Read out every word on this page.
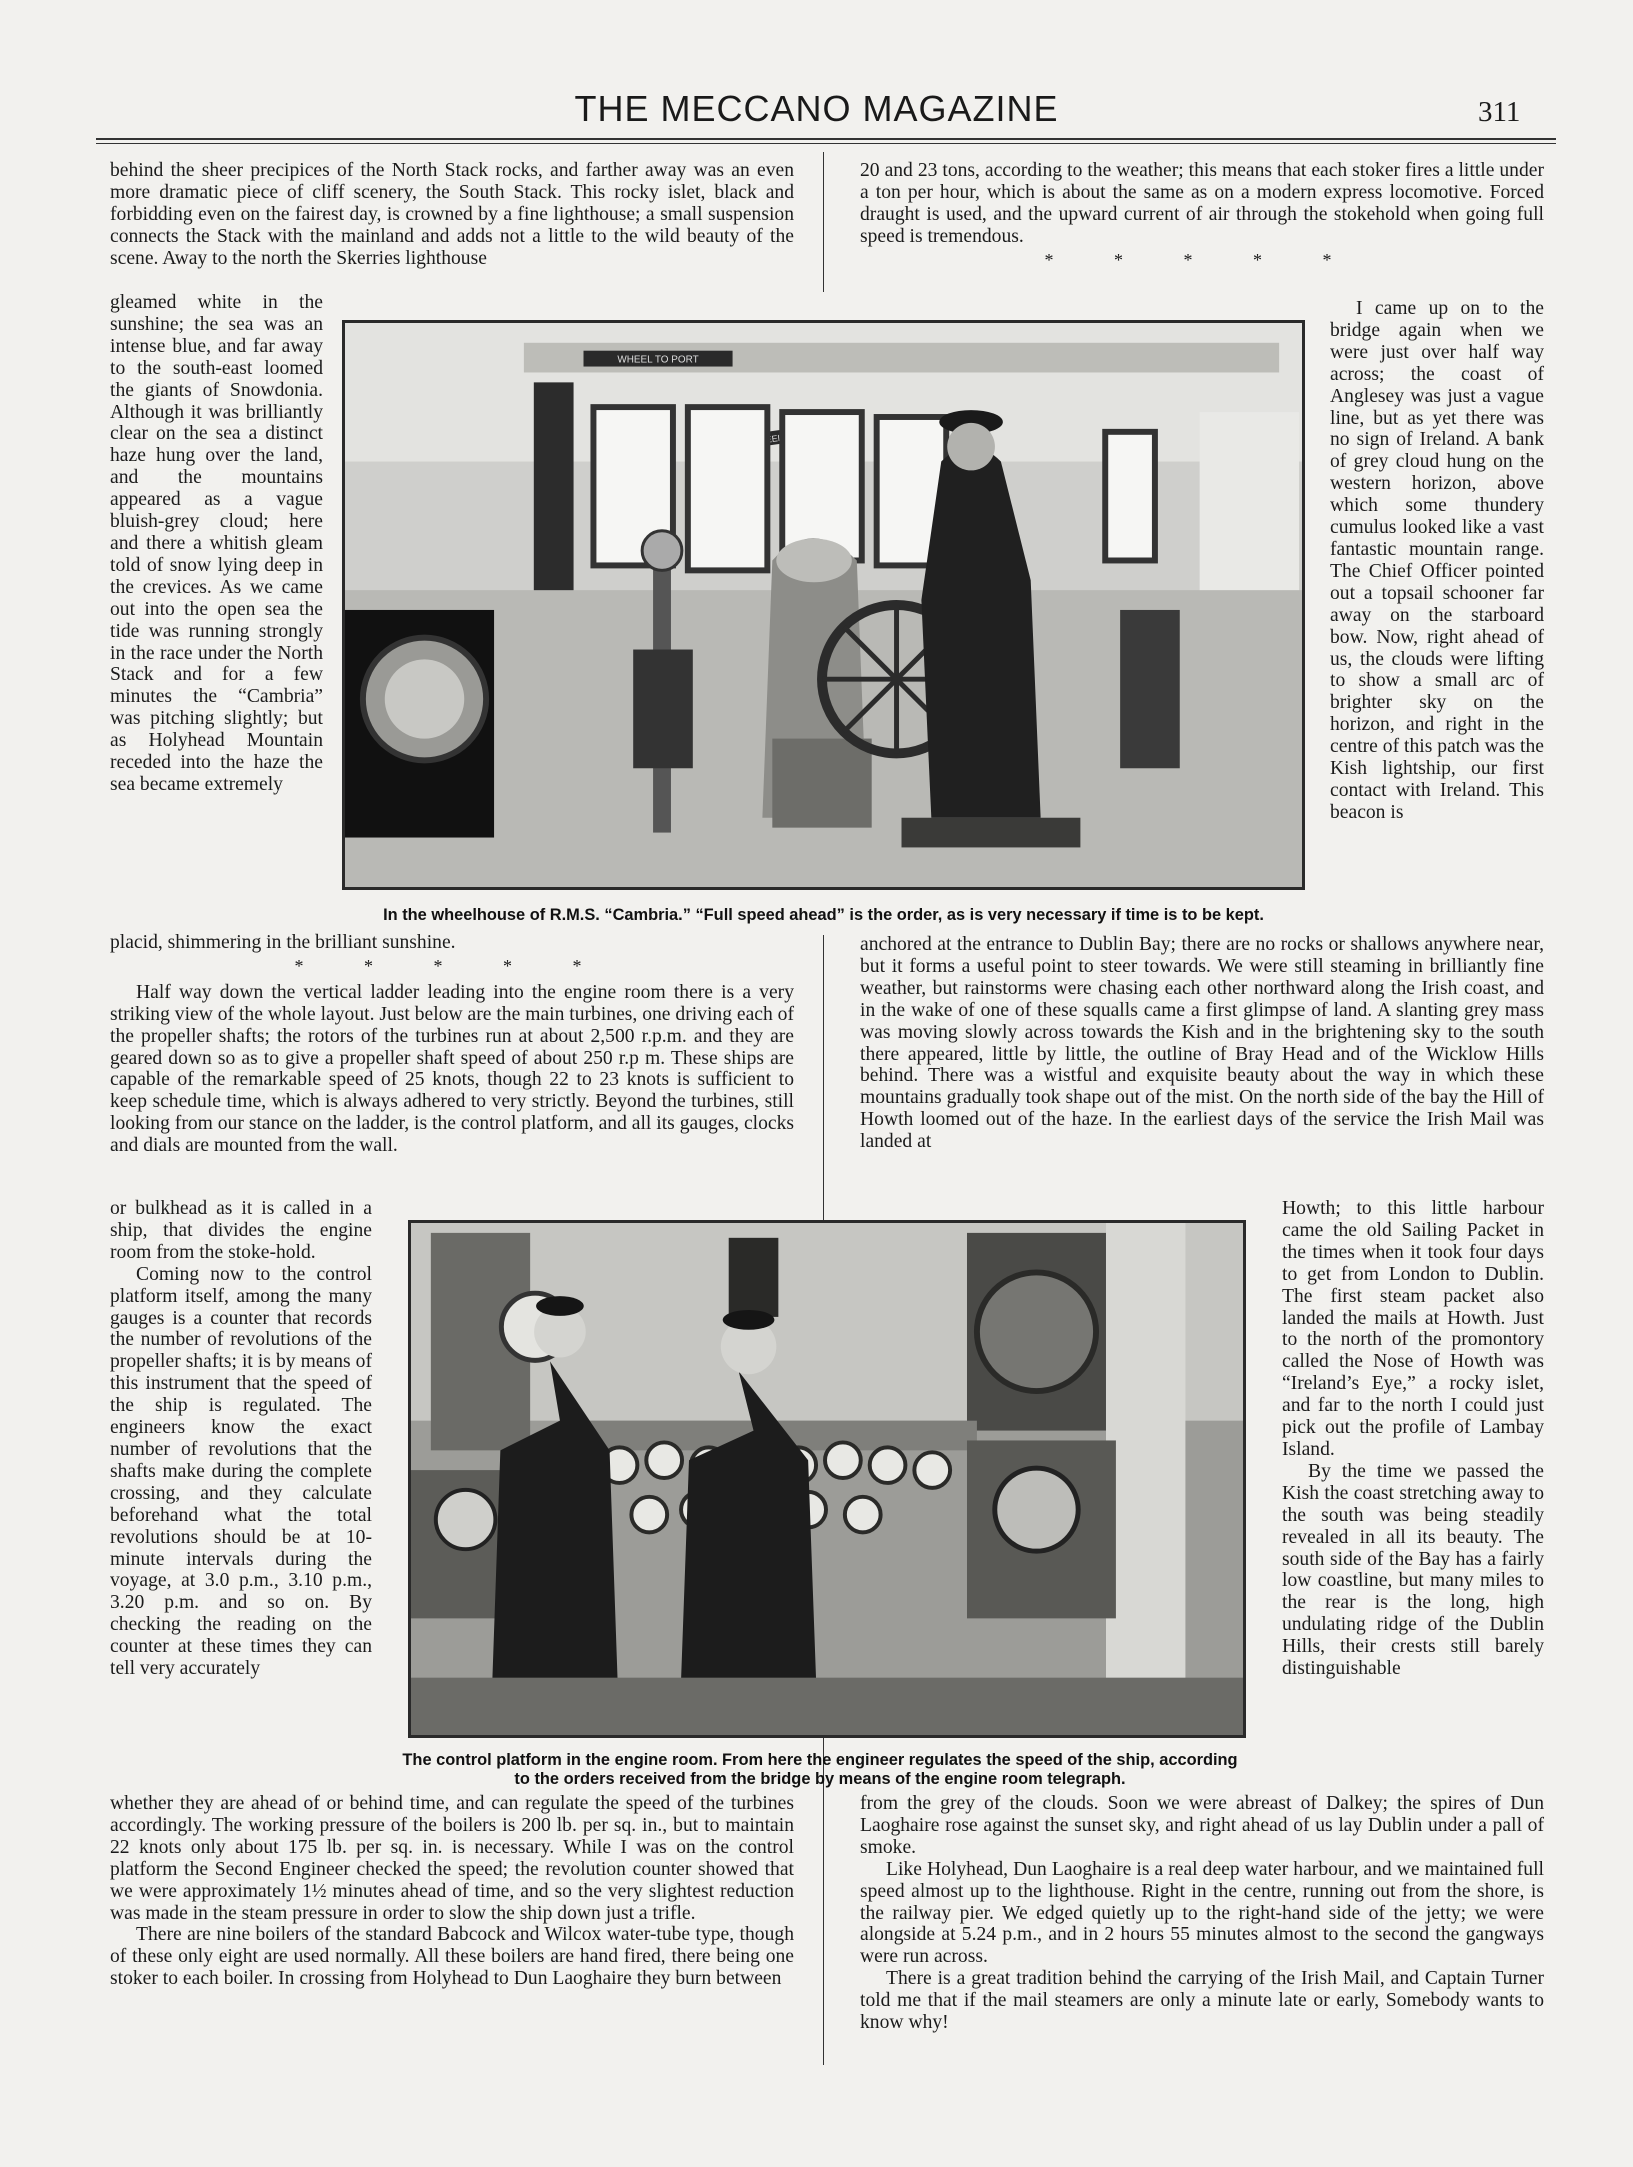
THE MECCANO MAGAZINE	311

behind the sheer precipices of the North Stack rocks, and farther away was an even more dramatic piece of cliff scenery, the South Stack. This rocky islet, black and forbidding even on the fairest day, is crowned by a fine lighthouse; a small suspension connects the Stack with the mainland and adds not a little to the wild beauty of the scene. Away to the north the Skerries lighthouse

gleamed white in the sunshine; the sea was an intense blue, and far away to the south-east loomed the giants of Snowdonia. Although it was brilliantly clear on the sea a distinct haze hung over the land, and the mountains appeared as a vague bluish-grey cloud; here and there a whitish gleam told of snow lying deep in the crevices. As we came out into the open sea the tide was running strongly in the race under the North Stack and for a few minutes the “Cambria” was pitching slightly; but as Holyhead Mountain receded into the haze the sea became extremely

placid, shimmering in the brilliant sunshine.

* * * * *

Half way down the vertical ladder leading into the engine room there is a very striking view of the whole layout. Just below are the main turbines, one driving each of the propeller shafts; the rotors of the turbines run at about 2,500 r.p.m. and they are geared down so as to give a propeller shaft speed of about 250 r.p m. These ships are capable of the remarkable speed of 25 knots, though 22 to 23 knots is sufficient to keep schedule time, which is always adhered to very strictly. Beyond the turbines, still looking from our stance on the ladder, is the control platform, and all its gauges, clocks and dials are mounted from the wall.

or bulkhead as it is called in a ship, that divides the engine room from the stoke-hold.

Coming now to the control platform itself, among the many gauges is a counter that records the number of revolutions of the propeller shafts; it is by means of this instrument that the speed of the ship is regulated. The engineers know the exact number of revolutions that the shafts make during the complete crossing, and they calculate beforehand what the total revolutions should be at 10-minute intervals during the voyage, at 3.0 p.m., 3.10 p.m., 3.20 p.m. and so on. By checking the reading on the counter at these times they can tell very accurately

whether they are ahead of or behind time, and can regulate the speed of the turbines accordingly. The working pressure of the boilers is 200 lb. per sq. in., but to maintain 22 knots only about 175 lb. per sq. in. is necessary. While I was on the control platform the Second Engineer checked the speed; the revolution counter showed that we were approximately 1½ minutes ahead of time, and so the very slightest reduction was made in the steam pressure in order to slow the ship down just a trifle.

There are nine boilers of the standard Babcock and Wilcox water-tube type, though of these only eight are used normally. All these boilers are hand fired, there being one stoker to each boiler. In crossing from Holyhead to Dun Laoghaire they burn between

20 and 23 tons, according to the weather; this means that each stoker fires a little under a ton per hour, which is about the same as on a modern express locomotive. Forced draught is used, and the upward current of air through the stokehold when going full speed is tremendous.

* * * * *

I came up on to the bridge again when we were just over half way across; the coast of Anglesey was just a vague line, but as yet there was no sign of Ireland. A bank of grey cloud hung on the western horizon, above which some thundery cumulus looked like a vast fantastic mountain range. The Chief Officer pointed out a topsail schooner far away on the starboard bow. Now, right ahead of us, the clouds were lifting to show a small arc of brighter sky on the horizon, and right in the centre of this patch was the Kish lightship, our first contact with Ireland. This beacon is

anchored at the entrance to Dublin Bay; there are no rocks or shallows anywhere near, but it forms a useful point to steer towards. We were still steaming in brilliantly fine weather, but rainstorms were chasing each other northward along the Irish coast, and in the wake of one of these squalls came a first glimpse of land. A slanting grey mass was moving slowly across towards the Kish and in the brightening sky to the south there appeared, little by little, the outline of Bray Head and of the Wicklow Hills behind. There was a wistful and exquisite beauty about the way in which these mountains gradually took shape out of the mist. On the north side of the bay the Hill of Howth loomed out of the haze. In the earliest days of the service the Irish Mail was landed at

Howth; to this little harbour came the old Sailing Packet in the times when it took four days to get from London to Dublin. The first steam packet also landed the mails at Howth. Just to the north of the promontory called the Nose of Howth was “Ireland’s Eye,” a rocky islet, and far to the north I could just pick out the profile of Lambay Island.

By the time we passed the Kish the coast stretching away to the south was being steadily revealed in all its beauty. The south side of the Bay has a fairly low coastline, but many miles to the rear is the long, high undulating ridge of the Dublin Hills, their crests still barely distinguishable

from the grey of the clouds. Soon we were abreast of Dalkey; the spires of Dun Laoghaire rose against the sunset sky, and right ahead of us lay Dublin under a pall of smoke.

Like Holyhead, Dun Laoghaire is a real deep water harbour, and we maintained full speed almost up to the lighthouse. Right in the centre, running out from the shore, is the railway pier. We edged quietly up to the right-hand side of the jetty; we were alongside at 5.24 p.m., and in 2 hours 55 minutes almost to the second the gangways were run across.

There is a great tradition behind the carrying of the Irish Mail, and Captain Turner told me that if the mail steamers are only a minute late or early, Somebody wants to know why!

WHEEL TO PORT
In the wheelhouse of R.M.S. “Cambria.” “Full speed ahead” is the order, as is very necessary if time is to be kept.
The control platform in the engine room. From here the engineer regulates the speed of the ship, according
to the orders received from the bridge by means of the engine room telegraph.
